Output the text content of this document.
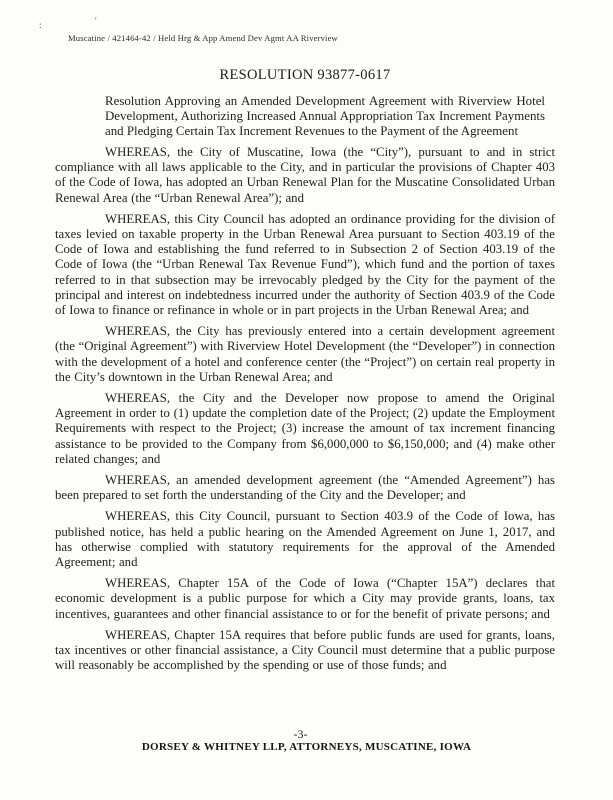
:	'
Muscatine / 421464-42 / Held Hrg & App Amend Dev Agmt AA Riverview
RESOLUTION 93877-0617
Resolution Approving an Amended Development Agreement with Riverview Hotel Development, Authorizing Increased Annual Appropriation Tax Increment Payments and Pledging Certain Tax Increment Revenues to the Payment of the Agreement

WHEREAS, the City of Muscatine, Iowa (the “City”), pursuant to and in strict compliance with all laws applicable to the City, and in particular the provisions of Chapter 403 of the Code of Iowa, has adopted an Urban Renewal Plan for the Muscatine Consolidated Urban Renewal Area (the “Urban Renewal Area”); and

WHEREAS, this City Council has adopted an ordinance providing for the division of taxes levied on taxable property in the Urban Renewal Area pursuant to Section 403.19 of the Code of Iowa and establishing the fund referred to in Subsection 2 of Section 403.19 of the Code of Iowa (the “Urban Renewal Tax Revenue Fund”), which fund and the portion of taxes referred to in that subsection may be irrevocably pledged by the City for the payment of the principal and interest on indebtedness incurred under the authority of Section 403.9 of the Code of Iowa to finance or refinance in whole or in part projects in the Urban Renewal Area; and

WHEREAS, the City has previously entered into a certain development agreement (the “Original Agreement”) with Riverview Hotel Development (the “Developer”) in connection with the development of a hotel and conference center (the “Project”) on certain real property in the City’s downtown in the Urban Renewal Area; and

WHEREAS, the City and the Developer now propose to amend the Original Agreement in order to (1) update the completion date of the Project; (2) update the Employment Requirements with respect to the Project; (3) increase the amount of tax increment financing assistance to be provided to the Company from $6,000,000 to $6,150,000; and (4) make other related changes; and

WHEREAS, an amended development agreement (the “Amended Agreement”) has been prepared to set forth the understanding of the City and the Developer; and

WHEREAS, this City Council, pursuant to Section 403.9 of the Code of Iowa, has published notice, has held a public hearing on the Amended Agreement on June 1, 2017, and has otherwise complied with statutory requirements for the approval of the Amended Agreement; and

WHEREAS, Chapter 15A of the Code of Iowa (“Chapter 15A”) declares that economic development is a public purpose for which a City may provide grants, loans, tax incentives, guarantees and other financial assistance to or for the benefit of private persons; and

WHEREAS, Chapter 15A requires that before public funds are used for grants, loans, tax incentives or other financial assistance, a City Council must determine that a public purpose will reasonably be accomplished by the spending or use of those funds; and

-3-
DORSEY & WHITNEY LLP, ATTORNEYS, MUSCATINE, IOWA
